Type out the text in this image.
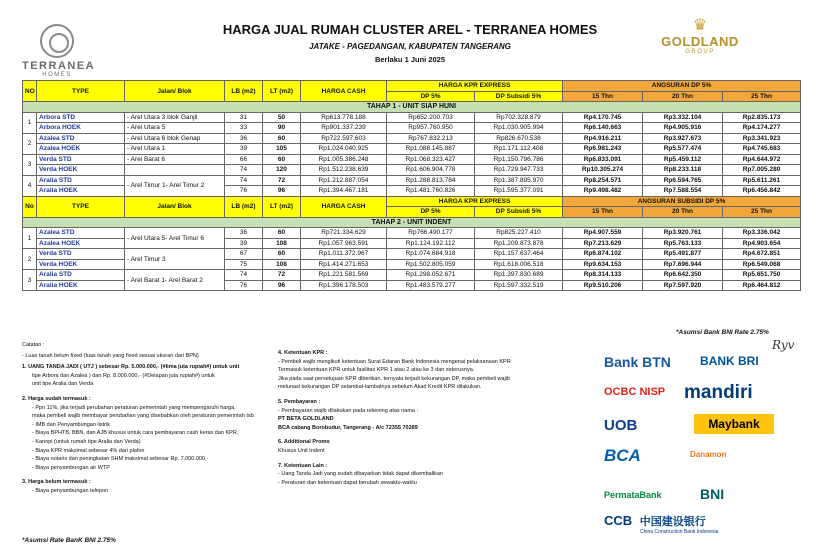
TERRANEA
HOMES
♛
GOLDLAND
GROUP
HARGA JUAL RUMAH CLUSTER AREL - TERRANEA HOMES
JATAKE - PAGEDANGAN, KABUPATEN TANGERANG
Berlaku 1 Juni 2025
NO	TYPE	Jalan/ Blok	LB (m2)	LT (m2)	HARGA CASH	HARGA KPR EXPRESS		ANGSURAN DP 5%		
						DP 5%	DP Subsidi 5%	15 Thn	20 Thn	25 Thn
TAHAP 1 - UNIT SIAP HUNI										
1	Arbora STD	- Arel Utara 3 blok Ganjil	31	50	Rp613.778.188	Rp652.200.703	Rp702.328.879	Rp4.170.745	Rp3.332.104	Rp2.835.173
	Arbora HOEK	- Arel Utara 5	33	90	Rp901.337.239	Rp957.760.950	Rp1.030.905.994	Rp6.140.663	Rp4.905.916	Rp4.174.277
2	Azalea STD	- Arel Utara 6 blok Genap	36	60	Rp722.597.603	Rp767.832.213	Rp826.670.538	Rp4.916.211	Rp3.927.673	Rp3.341.923
	Azalea HOEK	- Arel Utara 1	39	105	Rp1.024.040.925	Rp1.088.145.887	Rp1.171.112.408	Rp6.981.243	Rp5.577.474	Rp4.745.683
3	Verda STD	- Arel Barat 6	66	60	Rp1.005.386.248	Rp1.068.323.427	Rp1.150.796.786	Rp6.833.091	Rp5.459.112	Rp4.644.972
	Verda HOEK		74	120	Rp1.512.238.639	Rp1.606.904.778	Rp1.729.947.733	Rp10.305.274	Rp8.233.118	Rp7.005.280
4	Aralia STD	- Arel Timur 1- Arel Timur 2	74	72	Rp1.212.887.054	Rp1.288.813.784	Rp1.387.895.970	Rp8.254.571	Rp6.594.765	Rp5.611.261
	Aralia HOEK		76	96	Rp1.394.467.181	Rp1.481.760.826	Rp1.595.377.091	Rp9.498.482	Rp7.588.554	Rp6.456.842
No	TYPE	Jalan/ Blok	LB (m2)	LT (m2)	HARGA CASH	HARGA KPR EXPRESS		ANGSURAN SUBSIDI DP 5%		
						DP 5%	DP Subsidi 5%	15 Thn	20 Thn	25 Thn
TAHAP 2 - UNIT INDENT										
1	Azalea STD	- Arel Utara 5- Arel Timur 6	36	60	Rp721.334.629	Rp766.490.177	Rp825.227.410	Rp4.907.559	Rp3.920.761	Rp3.336.042
	Azalea HOEK		39	108	Rp1.057.963.591	Rp1.124.192.112	Rp1.209.873.878	Rp7.213.629	Rp5.763.133	Rp4.903.654
2	Verda STD	- Arel Timur 3	67	60	Rp1.011.372.967	Rp1.074.684.918	Rp1.157.637.464	Rp6.874.102	Rp5.491.877	Rp4.672.851
	Verda HOEK		75	108	Rp1.414.271.653	Rp1.502.805.059	Rp1.618.006.518	Rp9.634.153	Rp7.696.944	Rp6.549.068
3	Aralia STD	- Arel Barat 1- Arel Barat 2	74	72	Rp1.221.581.569	Rp1.298.052.671	Rp1.397.830.689	Rp8.314.133	Rp6.642.350	Rp5.651.750
	Aralia HOEK		76	96	Rp1.396.178.503	Rp1.483.579.277	Rp1.597.332.519	Rp9.510.206	Rp7.597.920	Rp6.464.812
*Asumsi Bank BNI Rate 2.75%
Ryv
Catatan :
- Luas tanah belum fixed (luas tanah yang fixed sesuai ukuran dari BPN)
1. UANG TANDA JADI ( UTJ ) sebesar Rp. 5.000.000,- (#lima juta rupiah#) untuk unit
tipe Arbora dan Azalea ) dan Rp. 8.000.000,- (#Delapan juta rupiah#) untuk
unit tipe Aralia dan Verda
2. Harga sudah termasuk :
- Ppn 11%, jika terjadi perubahan peraturan pemerintah yang mempengaruhi harga,
maka pembeli wajib membayar perubahan yang disebabkan oleh peraturan pemerintah tsb.
- IMB dan Penyambungan listrik
- Biaya BPHTB, BBN, dan AJB khusus untuk cara pembayaran cash keras dan KPR.
- Kanopi (untuk rumah tipe Aralia dan Verda)
- Biaya KPR maksimal sebesar 4% dari plafon
- Biaya notaris dan peningkatan SHM maksimal sebesar Rp. 7.000.000,-
- Biaya penyambungan air WTP
3. Harga belum termasuk :
- Biaya penyambungan telepon
4. Ketentuan KPR :
- Pembeli wajib mengikuti ketentuan Surat Edaran Bank Indonesia mengenai pelaksanaan KPR
Termasuk ketentuan KPR untuk fasilitas KPR 1 atau 2 atau ke 3 dan seterusnya.
Jika pada saat persetujuan KPR diberikan, ternyata terjadi kekurangan DP, maka pembeli wajib
melunasi kekurangan DP selambat-lambatnya sebelum Akad Kredit KPR dilakukan.
5. Pembayaran :
- Pembayaran wajib dilakukan pada rekening atas nama :
PT BETA GOLDLAND
BCA cabang Borobudur, Tangerang - A/c 72355 70289
6. Additional Promo
Khusus Unit Indent
7. Ketentuan Lain :
- Uang Tanda Jadi yang sudah dibayarkan tidak dapat dikembalikan
- Peraturan dan ketentuan dapat berubah sewaktu-waktu
*Asumsi Rate BanK BNI 2.75%
Bank BTN BANK BRI
OCBC NISP mandiri
UOB	Maybank
BCA	Danamon
PermataBank	BNI
CCB 中国建设银行
China Construction Bank Indonesia
